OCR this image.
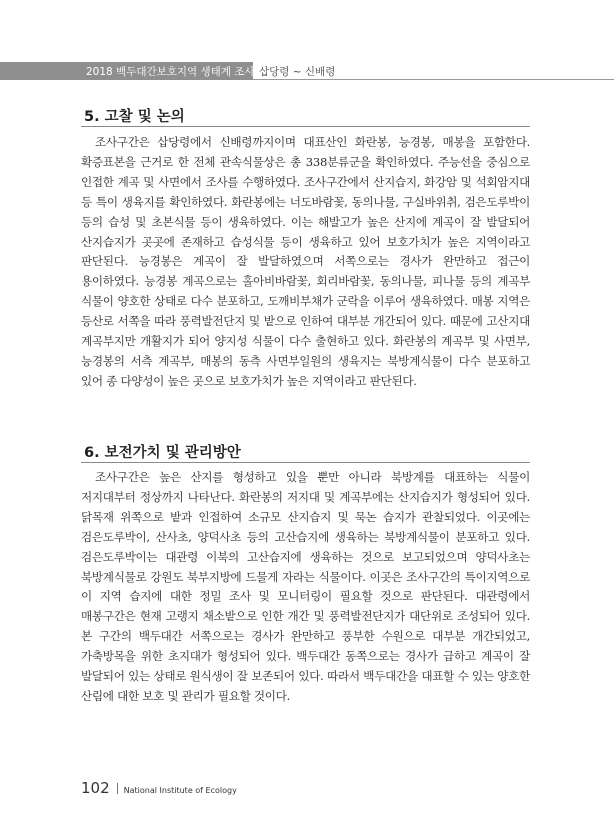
2018 백두대간보호지역 생태계 조사 삽당령 ~ 신배령
5. 고찰 및 논의

조사구간은 삽당령에서 신배령까지이며 대표산인 화란봉, 능경봉, 매봉을 포함한다. 확증표본을 근거로 한 전체 관속식물상은 총 338분류군을 확인하였다. 주능선을 중심으로 인접한 계곡 및 사면에서 조사를 수행하였다. 조사구간에서 산지습지, 화강암 및 석회암지대 등 특이 생육지를 확인하였다. 화란봉에는 너도바람꽃, 동의나물, 구실바위취, 검은도루박이 등의 습성 및 초본식물 등이 생육하였다. 이는 해발고가 높은 산지에 계곡이 잘 발달되어 산지습지가 곳곳에 존재하고 습성식물 등이 생육하고 있어 보호가치가 높은 지역이라고 판단된다. 능경봉은 계곡이 잘 발달하였으며 서쪽으로는 경사가 완만하고 접근이 용이하였다. 능경봉 계곡으로는 홀아비바람꽃, 회리바람꽃, 동의나물, 피나물 등의 계곡부 식물이 양호한 상태로 다수 분포하고, 도깨비부채가 군락을 이루어 생육하였다. 매봉 지역은 등산로 서쪽을 따라 풍력발전단지 및 밭으로 인하여 대부분 개간되어 있다. 때문에 고산지대 계곡부지만 개활지가 되어 양지성 식물이 다수 출현하고 있다. 화란봉의 계곡부 및 사면부, 능경봉의 서측 계곡부, 매봉의 동측 사면부일원의 생육지는 북방계식물이 다수 분포하고 있어 종 다양성이 높은 곳으로 보호가치가 높은 지역이라고 판단된다.

6. 보전가치 및 관리방안

조사구간은 높은 산지를 형성하고 있을 뿐만 아니라 북방계를 대표하는 식물이 저지대부터 정상까지 나타난다. 화란봉의 저지대 및 계곡부에는 산지습지가 형성되어 있다. 닭목재 위쪽으로 밭과 인접하여 소규모 산지습지 및 묵논 습지가 관찰되었다. 이곳에는 검은도루박이, 산사초, 양덕사초 등의 고산습지에 생육하는 북방계식물이 분포하고 있다. 검은도루박이는 대관령 이북의 고산습지에 생육하는 것으로 보고되었으며 양덕사초는 북방계식물로 강원도 북부지방에 드물게 자라는 식물이다. 이곳은 조사구간의 특이지역으로 이 지역 습지에 대한 정밀 조사 및 모니터링이 필요할 것으로 판단된다. 대관령에서 매봉구간은 현재 고랭지 채소밭으로 인한 개간 및 풍력발전단지가 대단위로 조성되어 있다. 본 구간의 백두대간 서쪽으로는 경사가 완만하고 풍부한 수원으로 대부분 개간되었고, 가축방목을 위한 초지대가 형성되어 있다. 백두대간 동쪽으로는 경사가 급하고 계곡이 잘 발달되어 있는 상태로 원식생이 잘 보존되어 있다. 따라서 백두대간을 대표할 수 있는 양호한 산림에 대한 보호 및 관리가 필요할 것이다.

102 National Institute of Ecology
